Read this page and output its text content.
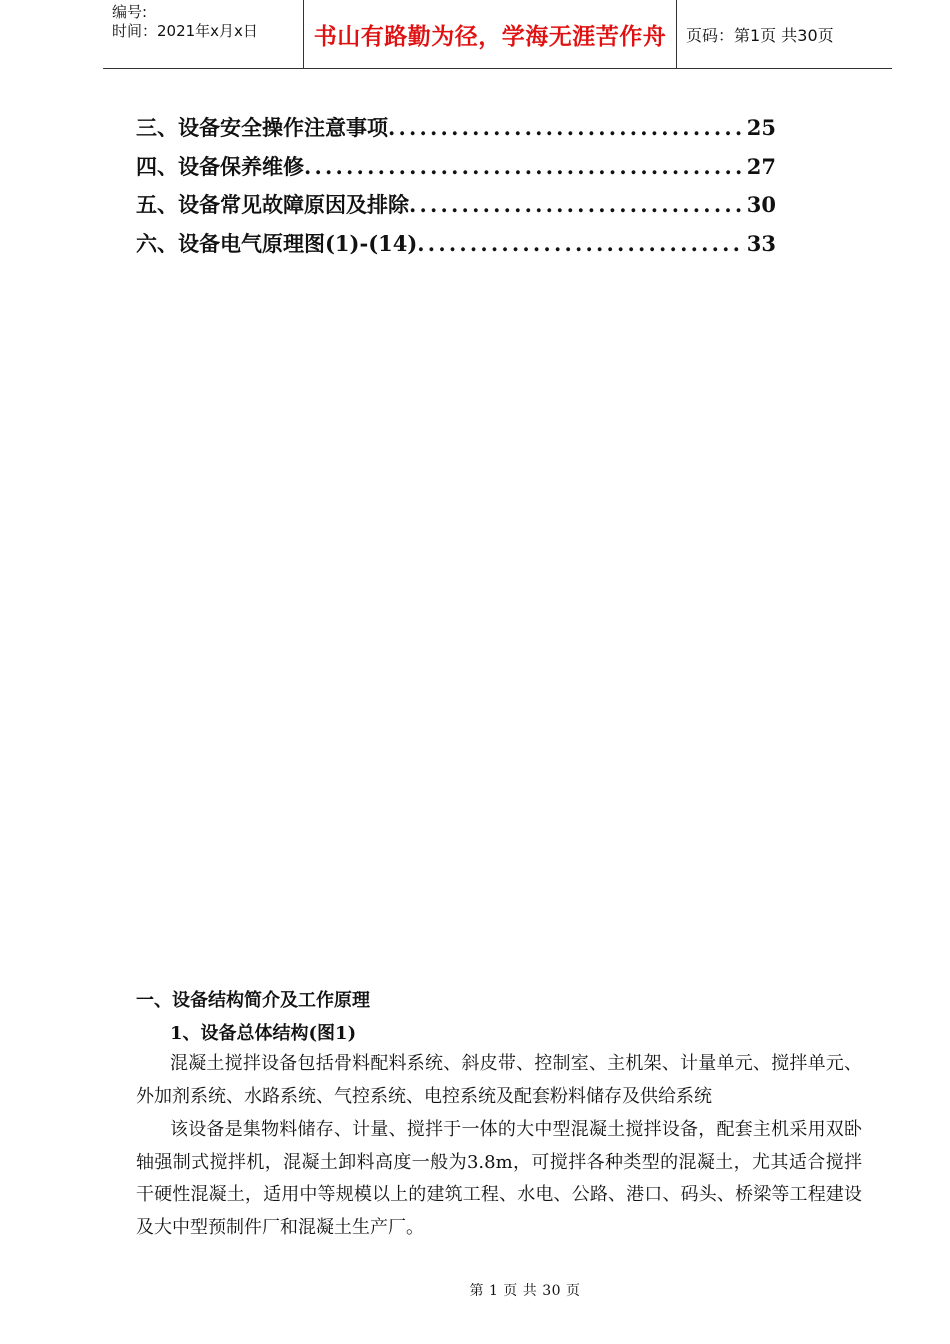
编号:
时间：2021年x月x日	书山有路勤为径，学海无涯苦作舟	页码：第1页 共30页
三、设备安全操作注意事项 .....	25
四、设备保养维修 .....	27
五、设备常见故障原因及排除 .....	30
六、设备电气原理图(1)-(14) .....	33
一、设备结构简介及工作原理
1、设备总体结构(图1)
混凝土搅拌设备包括骨料配料系统、斜皮带、控制室、主机架、计量单元、搅拌单元、外加剂系统、水路系统、气控系统、电控系统及配套粉料储存及供给系统
该设备是集物料储存、计量、搅拌于一体的大中型混凝土搅拌设备，配套主机采用双卧轴强制式搅拌机，混凝土卸料高度一般为3.8m，可搅拌各种类型的混凝土，尤其适合搅拌干硬性混凝土，适用中等规模以上的建筑工程、水电、公路、港口、码头、桥梁等工程建设及大中型预制件厂和混凝土生产厂。
第 1 页 共 30 页
